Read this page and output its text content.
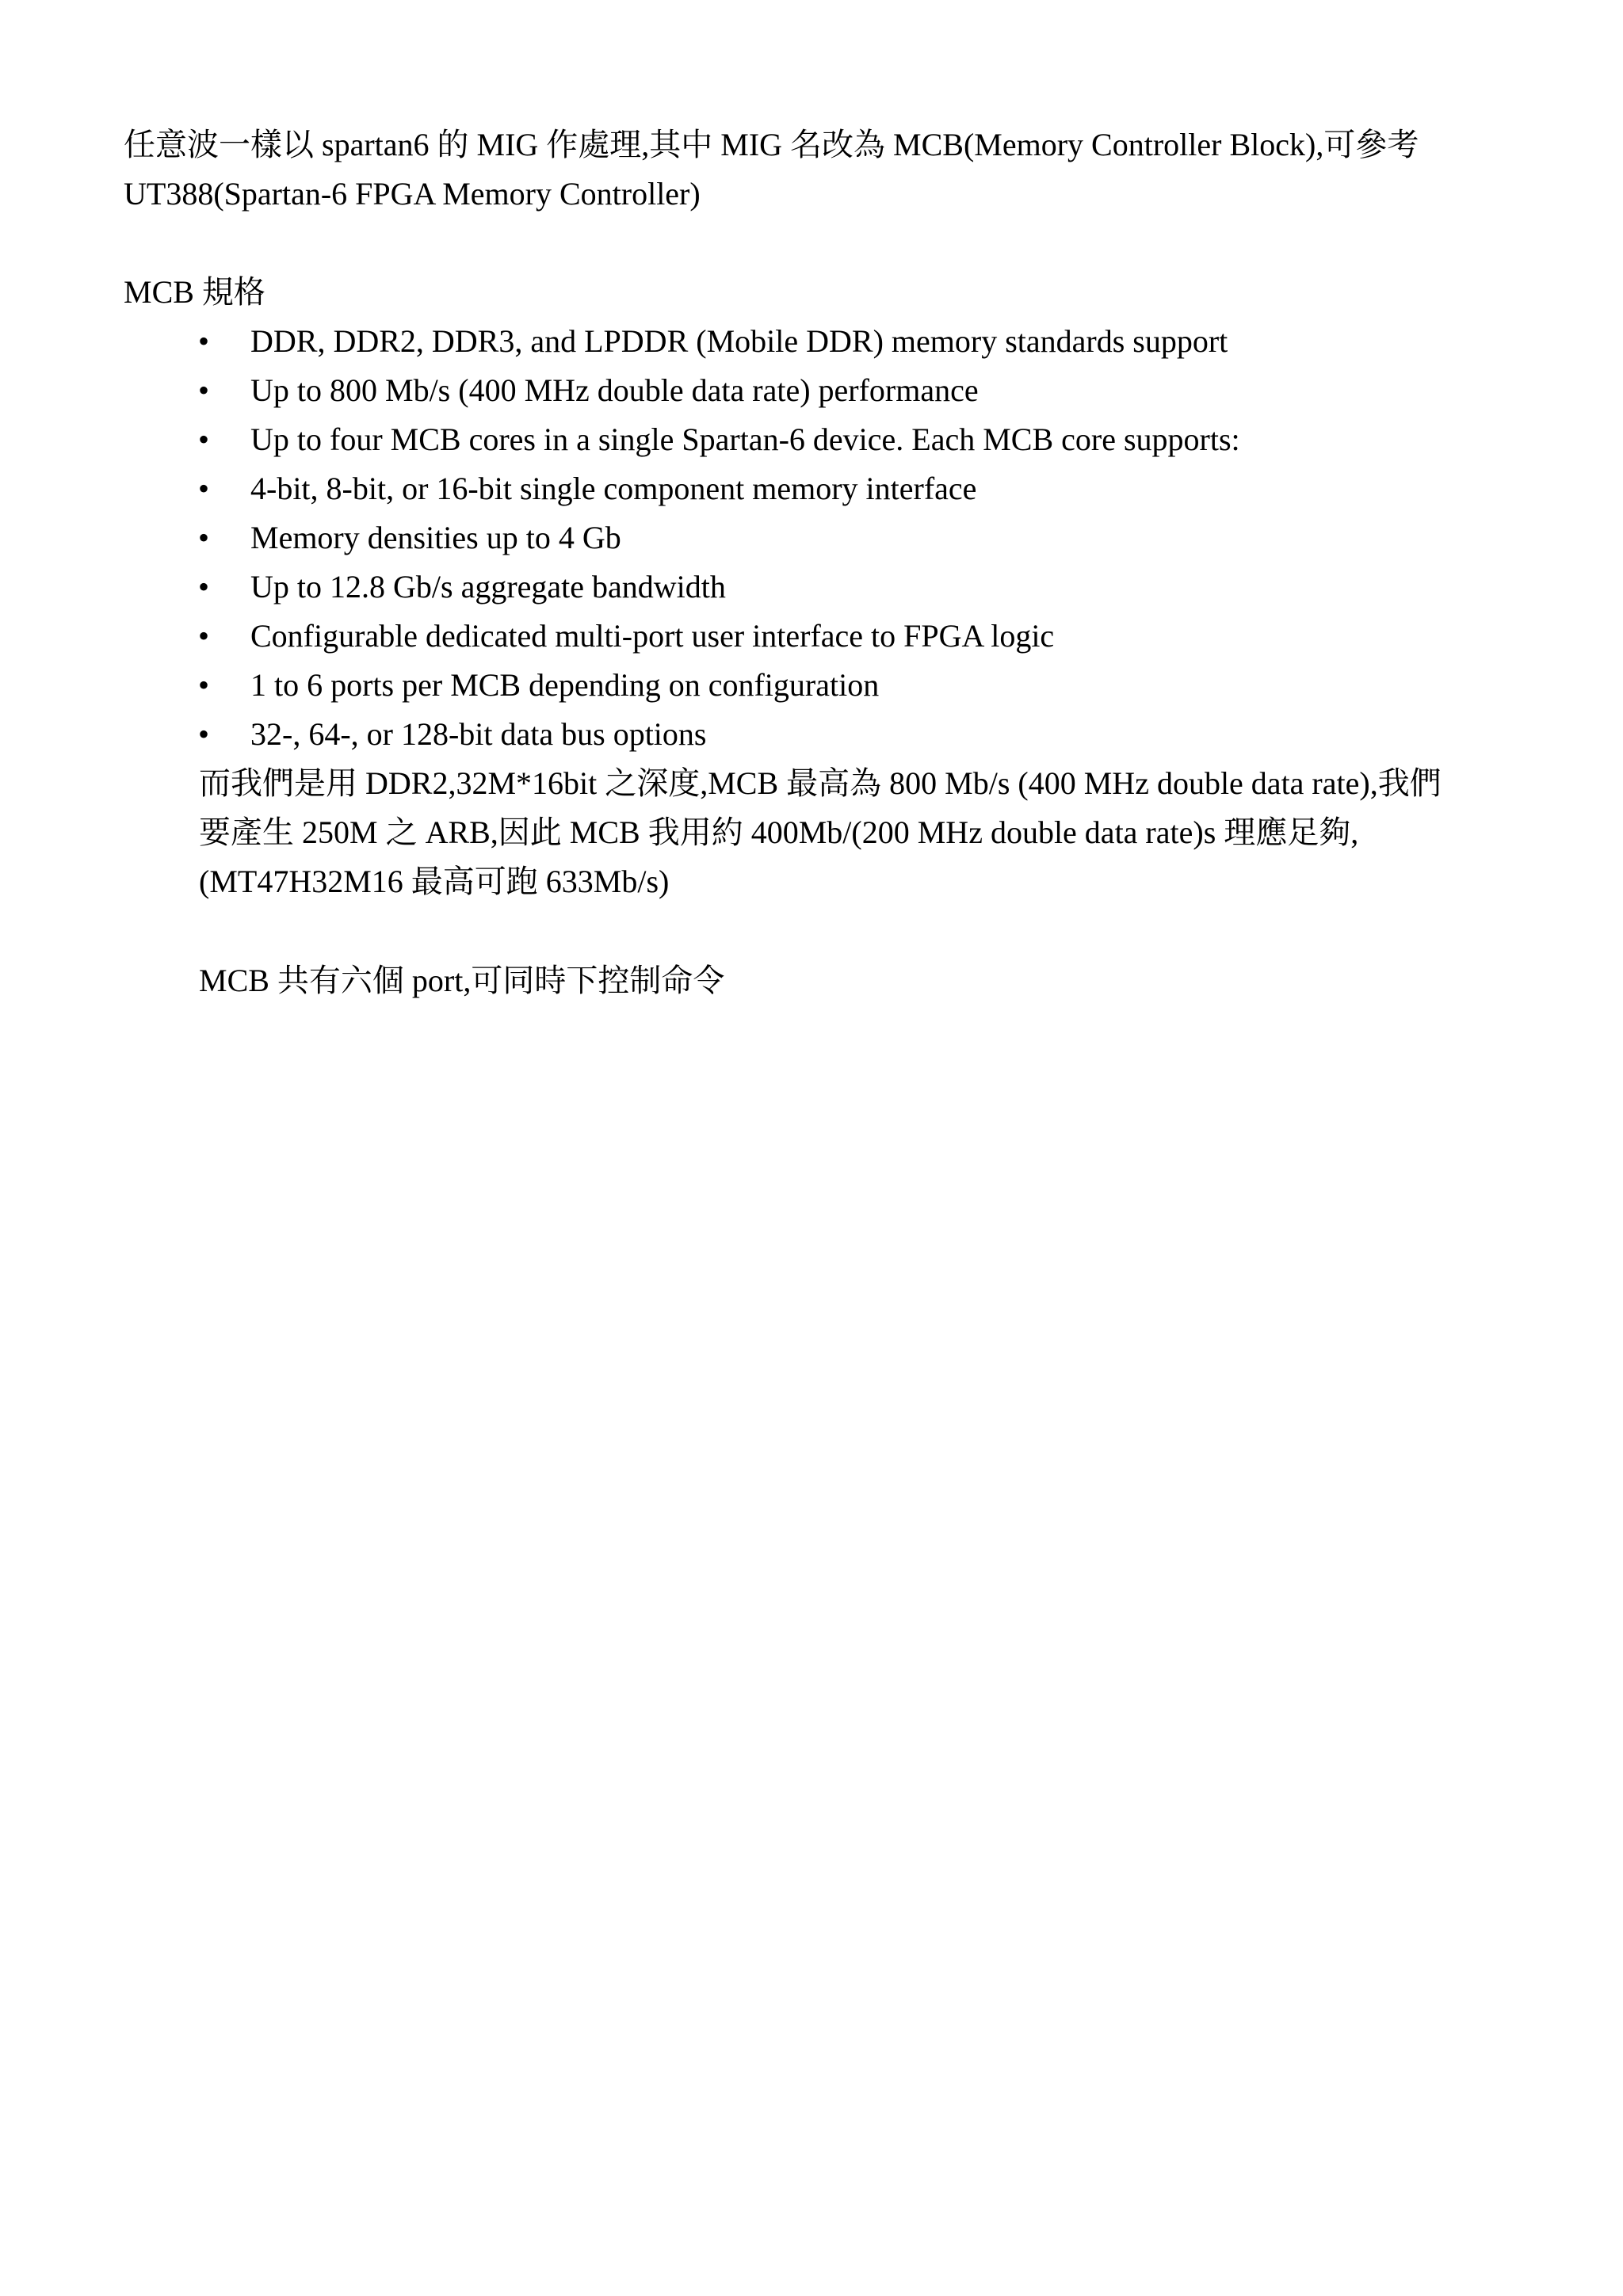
任意波一樣以 spartan6 的 MIG 作處理,其中 MIG 名改為 MCB(Memory Controller Block),可參考
UT388(Spartan-6 FPGA Memory Controller)
MCB 規格
• DDR, DDR2, DDR3, and LPDDR (Mobile DDR) memory standards support
• Up to 800 Mb/s (400 MHz double data rate) performance
• Up to four MCB cores in a single Spartan-6 device. Each MCB core supports:
• 4-bit, 8-bit, or 16-bit single component memory interface
• Memory densities up to 4 Gb
• Up to 12.8 Gb/s aggregate bandwidth
• Configurable dedicated multi-port user interface to FPGA logic
• 1 to 6 ports per MCB depending on configuration
• 32-, 64-, or 128-bit data bus options
而我們是用 DDR2,32M*16bit 之深度,MCB 最高為 800 Mb/s (400 MHz double data rate),我們
要產生 250M 之 ARB,因此 MCB 我用約 400Mb/(200 MHz double data rate)s 理應足夠,
(MT47H32M16 最高可跑 633Mb/s)
MCB 共有六個 port,可同時下控制命令
